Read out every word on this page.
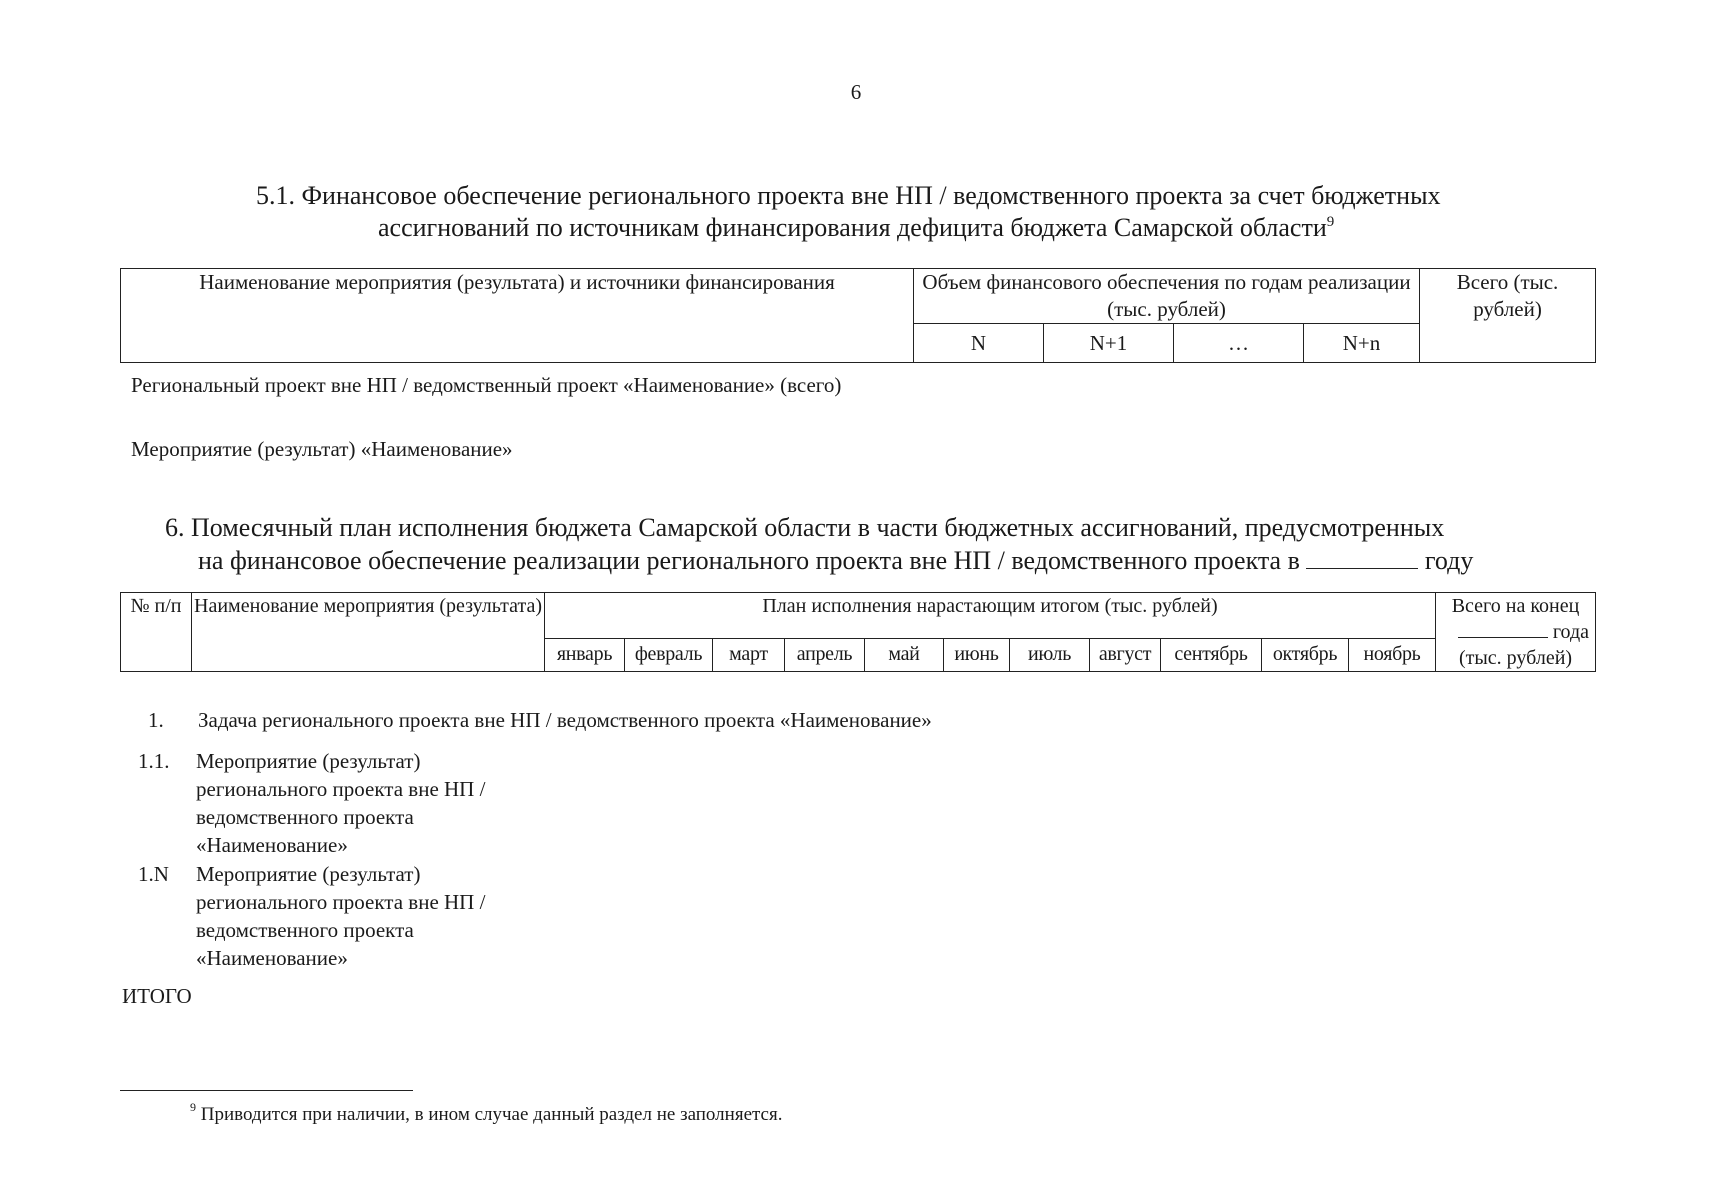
6
5.1. Финансовое обеспечение регионального проекта вне НП / ведомственного проекта за счет бюджетных
ассигнований по источникам финансирования дефицита бюджета Самарской области$^9$
Наименование мероприятия (результата) и источники финансирования	Объем финансового обеспечения по годам реализации (тыс. рублей)				Всего (тыс. рублей)
	N	N+1	…	N+n	
Региональный проект вне НП / ведомственный проект «Наименование» (всего)
Мероприятие (результат) «Наименование»
6. Помесячный план исполнения бюджета Самарской области в части бюджетных ассигнований, предусмотренных
на финансовое обеспечение реализации регионального проекта вне НП / ведомственного проекта в	году
№ п/п	Наименование мероприятия (результата)	План исполнения нарастающим итогом (тыс. рублей)											Всего на конец
года
(тыс. рублей)

		январь	февраль	март	апрель	май	июнь	июль	август	сентябрь	октябрь	ноябрь	
1. Задача регионального проекта вне НП / ведомственного проекта «Наименование»
1.1. Мероприятие (результат) регионального проекта вне НП / ведомственного проекта «Наименование»
1.N Мероприятие (результат) регионального проекта вне НП / ведомственного проекта «Наименование»
ИТОГО
$^9$ Приводится при наличии, в ином случае данный раздел не заполняется.
